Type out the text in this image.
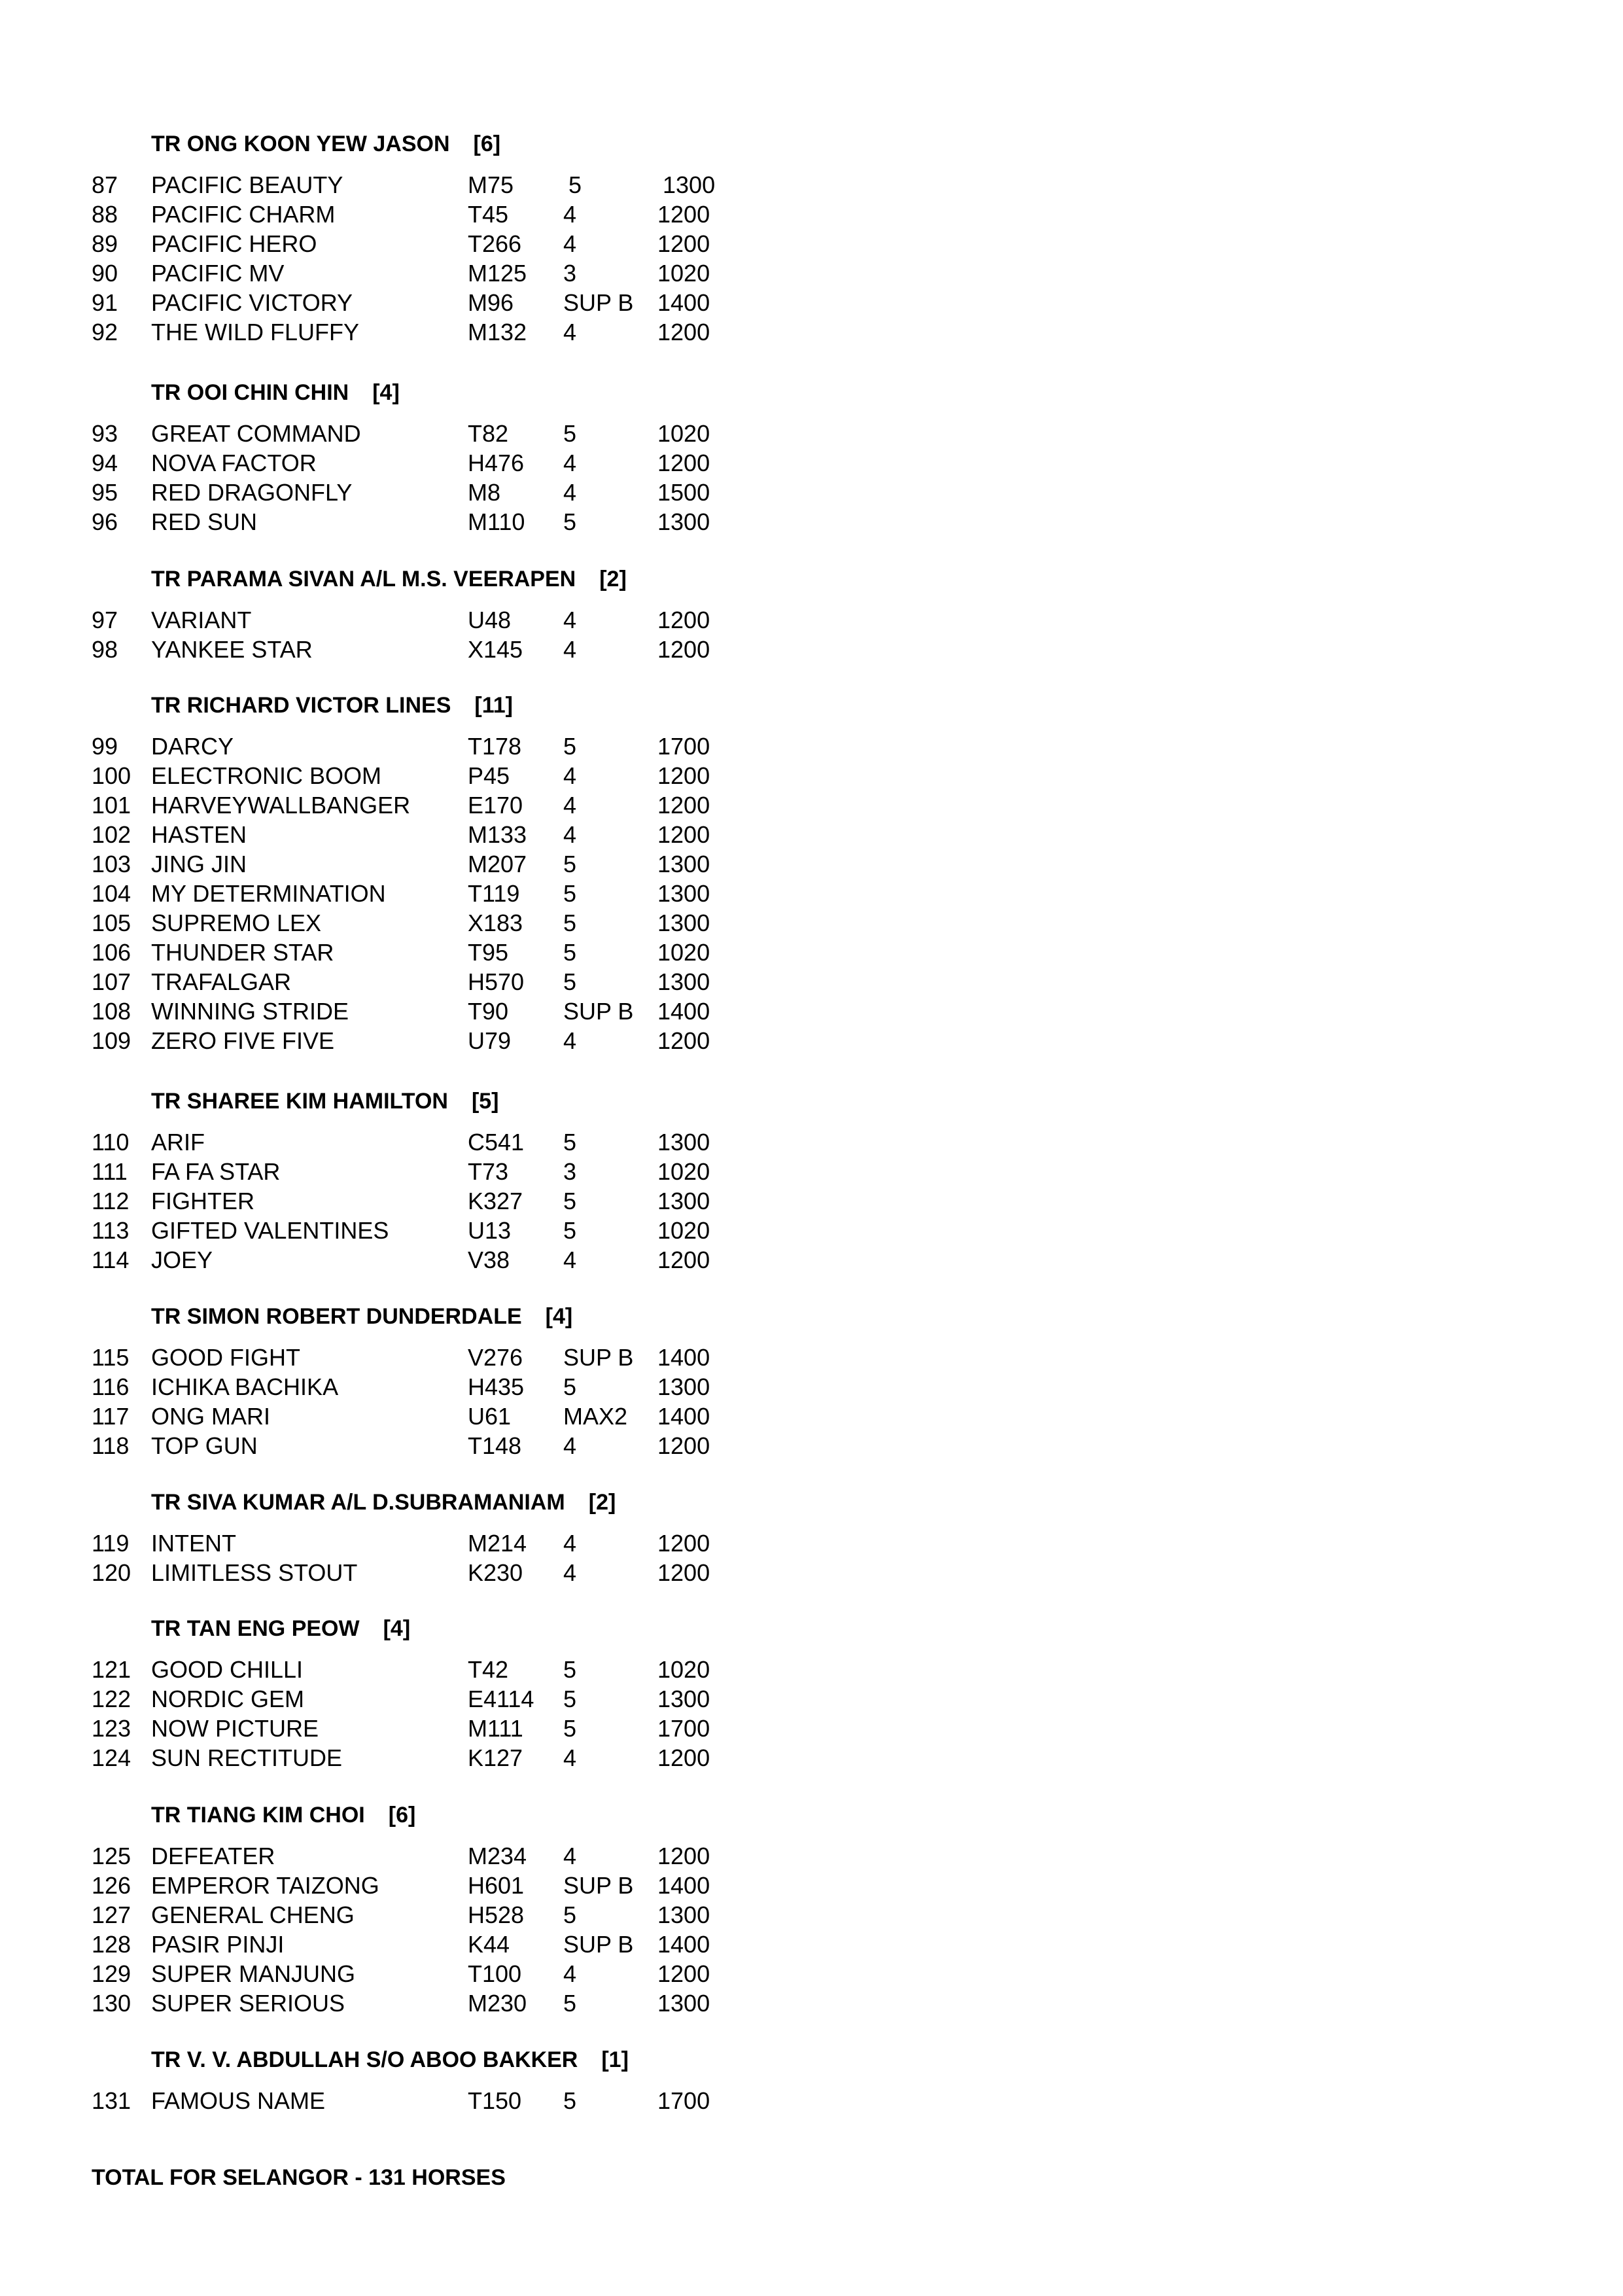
TR ONG KOON YEW JASON [6]
87	PACIFIC BEAUTY	M75	5	1300
88	PACIFIC CHARM	T45	4	1200
89	PACIFIC HERO	T266	4	1200
90	PACIFIC MV	M125	3	1020
91	PACIFIC VICTORY	M96	SUP B	1400
92	THE WILD FLUFFY	M132	4	1200
TR OOI CHIN CHIN [4]
93	GREAT COMMAND	T82	5	1020
94	NOVA FACTOR	H476	4	1200
95	RED DRAGONFLY	M8	4	1500
96	RED SUN	M110	5	1300
TR PARAMA SIVAN A/L M.S. VEERAPEN [2]
97	VARIANT	U48	4	1200
98	YANKEE STAR	X145	4	1200
TR RICHARD VICTOR LINES [11]
99	DARCY	T178	5	1700
100 ELECTRONIC BOOM	P45	4	1200
101 HARVEYWALLBANGER	E170	4	1200
102 HASTEN	M133	4	1200
103 JING JIN	M207	5	1300
104 MY DETERMINATION	T119	5	1300
105 SUPREMO LEX	X183	5	1300
106 THUNDER STAR	T95	5	1020
107 TRAFALGAR	H570	5	1300
108 WINNING STRIDE	T90	SUP B	1400
109 ZERO FIVE FIVE	U79	4	1200
TR SHAREE KIM HAMILTON [5]
110 ARIF	C541	5	1300
111	FA FA STAR	T73	3	1020
112 FIGHTER	K327	5	1300
113 GIFTED VALENTINES	U13	5	1020
114 JOEY	V38	4	1200
TR SIMON ROBERT DUNDERDALE [4]
115 GOOD FIGHT	V276	SUP B	1400
116 ICHIKA BACHIKA	H435	5	1300
117 ONG MARI	U61	MAX2	1400
118 TOP GUN	T148	4	1200
TR SIVA KUMAR A/L D.SUBRAMANIAM [2]
119 INTENT	M214	4	1200
120 LIMITLESS STOUT	K230	4	1200
TR TAN ENG PEOW [4]
121 GOOD CHILLI	T42	5	1020
122 NORDIC GEM	E4114	5	1300
123 NOW PICTURE	M111	5	1700
124 SUN RECTITUDE	K127	4	1200
TR TIANG KIM CHOI [6]
125 DEFEATER	M234	4	1200
126 EMPEROR TAIZONG	H601	SUP B	1400
127 GENERAL CHENG	H528	5	1300
128 PASIR PINJI	K44	SUP B	1400
129 SUPER MANJUNG	T100	4	1200
130 SUPER SERIOUS	M230	5	1300
TR V. V. ABDULLAH S/O ABOO BAKKER [1]
131 FAMOUS NAME	T150	5	1700
TOTAL FOR SELANGOR - 131 HORSES
